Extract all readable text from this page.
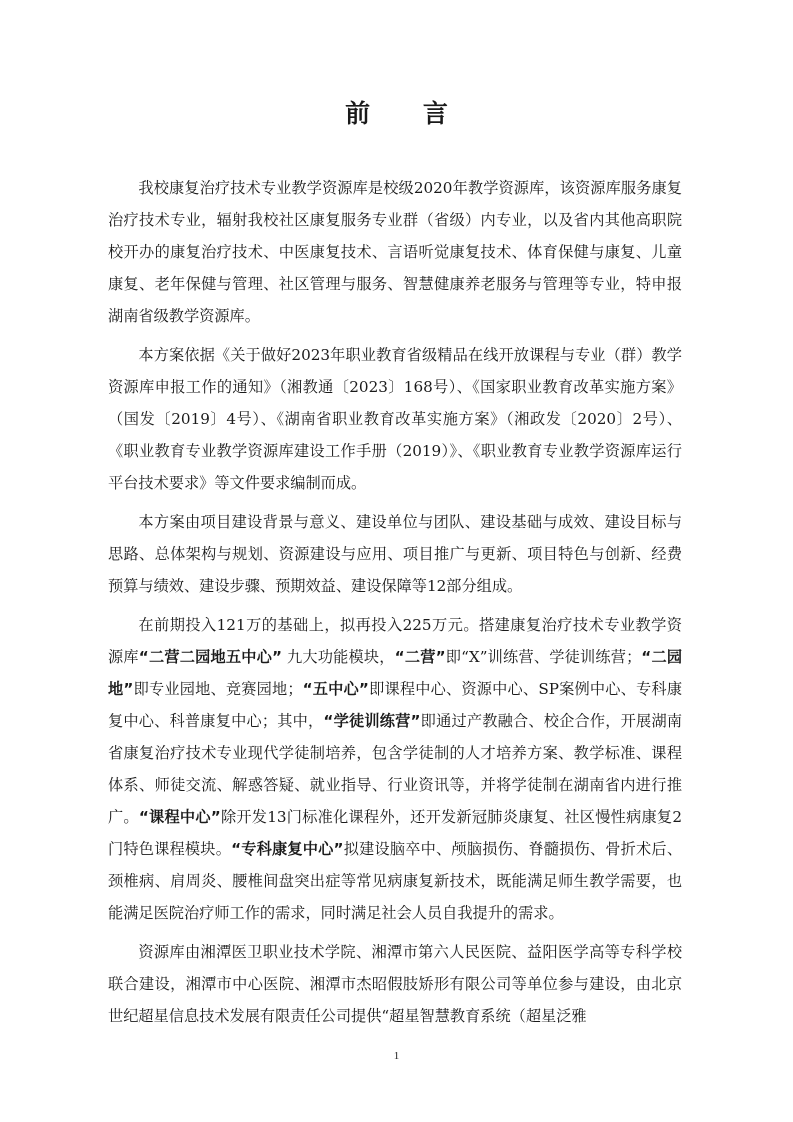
前 言

我校康复治疗技术专业教学资源库是校级2020年教学资源库，该资源库服务康复治疗技术专业，辐射我校社区康复服务专业群（省级）内专业，以及省内其他高职院校开办的康复治疗技术、中医康复技术、言语听觉康复技术、体育保健与康复、儿童康复、老年保健与管理、社区管理与服务、智慧健康养老服务与管理等专业，特申报湖南省级教学资源库。

本方案依据《关于做好2023年职业教育省级精品在线开放课程与专业（群）教学资源库申报工作的通知》（湘教通〔2023〕168号）、《国家职业教育改革实施方案》（国发〔2019〕4号）、《湖南省职业教育改革实施方案》（湘政发〔2020〕2号）、《职业教育专业教学资源库建设工作手册（2019）》、《职业教育专业教学资源库运行平台技术要求》等文件要求编制而成。

本方案由项目建设背景与意义、建设单位与团队、建设基础与成效、建设目标与思路、总体架构与规划、资源建设与应用、项目推广与更新、项目特色与创新、经费预算与绩效、建设步骤、预期效益、建设保障等12部分组成。

在前期投入121万的基础上，拟再投入225万元。搭建康复治疗技术专业教学资源库“二营二园地五中心” 九大功能模块，“二营”即“X”训练营、学徒训练营；“二园地”即专业园地、竞赛园地；“五中心”即课程中心、资源中心、SP案例中心、专科康复中心、科普康复中心；其中，“学徒训练营”即通过产教融合、校企合作，开展湖南省康复治疗技术专业现代学徒制培养，包含学徒制的人才培养方案、教学标准、课程体系、师徒交流、解惑答疑、就业指导、行业资讯等，并将学徒制在湖南省内进行推广。“课程中心”除开发13门标准化课程外，还开发新冠肺炎康复、社区慢性病康复2门特色课程模块。“专科康复中心”拟建设脑卒中、颅脑损伤、脊髓损伤、骨折术后、颈椎病、肩周炎、腰椎间盘突出症等常见病康复新技术，既能满足师生教学需要，也能满足医院治疗师工作的需求，同时满足社会人员自我提升的需求。

资源库由湘潭医卫职业技术学院、湘潭市第六人民医院、益阳医学高等专科学校联合建设，湘潭市中心医院、湘潭市杰昭假肢矫形有限公司等单位参与建设，由北京世纪超星信息技术发展有限责任公司提供“超星智慧教育系统（超星泛雅

1
